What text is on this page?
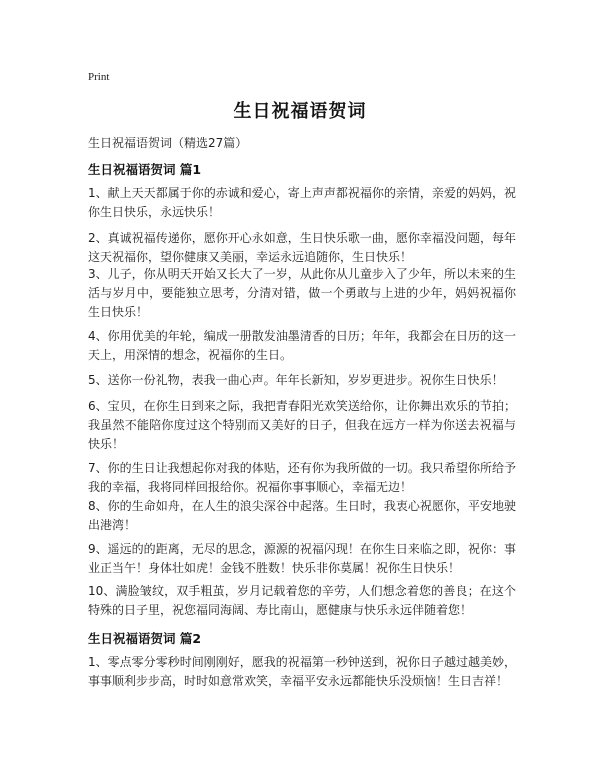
Print
生日祝福语贺词
生日祝福语贺词（精选27篇）
生日祝福语贺词 篇1
1、献上天天都属于你的赤诚和爱心，寄上声声都祝福你的亲情，亲爱的妈妈，祝你生日快乐，永远快乐！
2、真诚祝福传递你，愿你开心永如意，生日快乐歌一曲，愿你幸福没问题，每年这天祝福你，望你健康又美丽，幸运永远追随你，生日快乐！
3、儿子，你从明天开始又长大了一岁，从此你从儿童步入了少年，所以未来的生活与岁月中，要能独立思考，分清对错，做一个勇敢与上进的少年，妈妈祝福你生日快乐！
4、你用优美的年轮，编成一册散发油墨清香的日历；年年，我都会在日历的这一天上，用深情的想念，祝福你的生日。
5、送你一份礼物，表我一曲心声。年年长新知，岁岁更进步。祝你生日快乐！
6、宝贝，在你生日到来之际，我把青春阳光欢笑送给你，让你舞出欢乐的节拍；我虽然不能陪你度过这个特别而又美好的日子，但我在远方一样为你送去祝福与快乐！
7、你的生日让我想起你对我的体贴，还有你为我所做的一切。我只希望你所给予我的幸福，我将同样回报给你。祝福你事事顺心，幸福无边！
8、你的生命如舟，在人生的浪尖深谷中起落。生日时，我衷心祝愿你，平安地驶出港湾！
9、遥远的的距离，无尽的思念，源源的祝福闪现！在你生日来临之即，祝你：事业正当午！身体壮如虎！金钱不胜数！快乐非你莫属！祝你生日快乐！
10、满脸皱纹，双手粗茧，岁月记载着您的辛劳，人们想念着您的善良；在这个特殊的日子里，祝您福同海阔、寿比南山，愿健康与快乐永远伴随着您！
生日祝福语贺词 篇2
1、零点零分零秒时间刚刚好，愿我的祝福第一秒钟送到，祝你日子越过越美妙，事事顺利步步高，时时如意常欢笑，幸福平安永远都能快乐没烦恼！生日吉祥！
